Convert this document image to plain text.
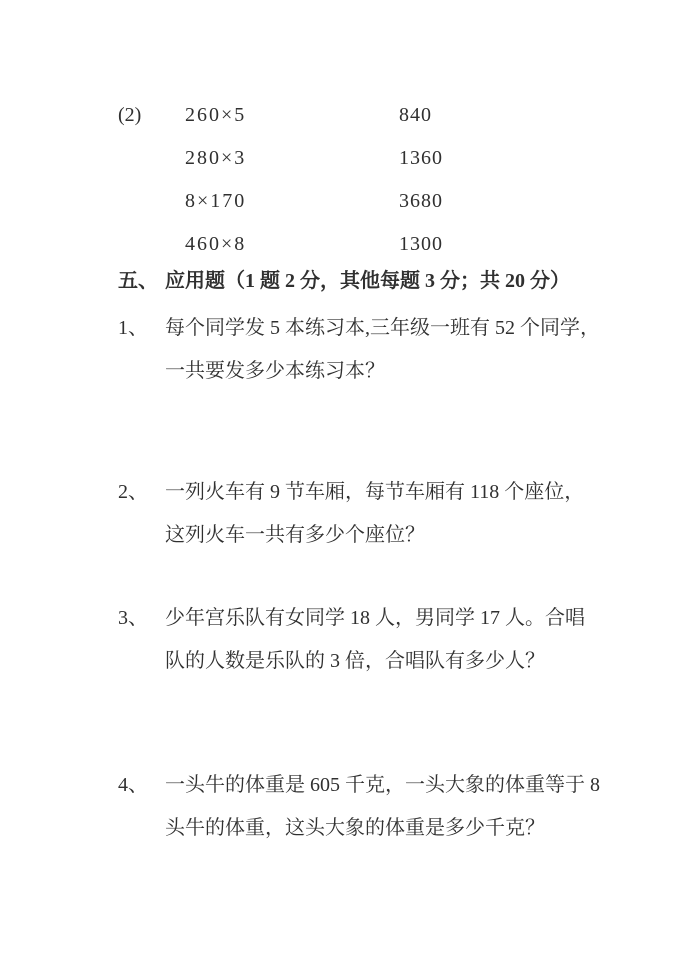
(2)	260×5	840
280×3	1360
8×170	3680
460×8	1300
五、 应用题（1 题 2 分，其他每题 3 分；共 20 分）
1、 每个同学发 5 本练习本,三年级一班有 52 个同学，
一共要发多少本练习本？
2、 一列火车有 9 节车厢，每节车厢有 118 个座位，
这列火车一共有多少个座位？
3、 少年宫乐队有女同学 18 人，男同学 17 人。合唱
队的人数是乐队的 3 倍，合唱队有多少人？
4、 一头牛的体重是 605 千克，一头大象的体重等于 8
头牛的体重，这头大象的体重是多少千克？
